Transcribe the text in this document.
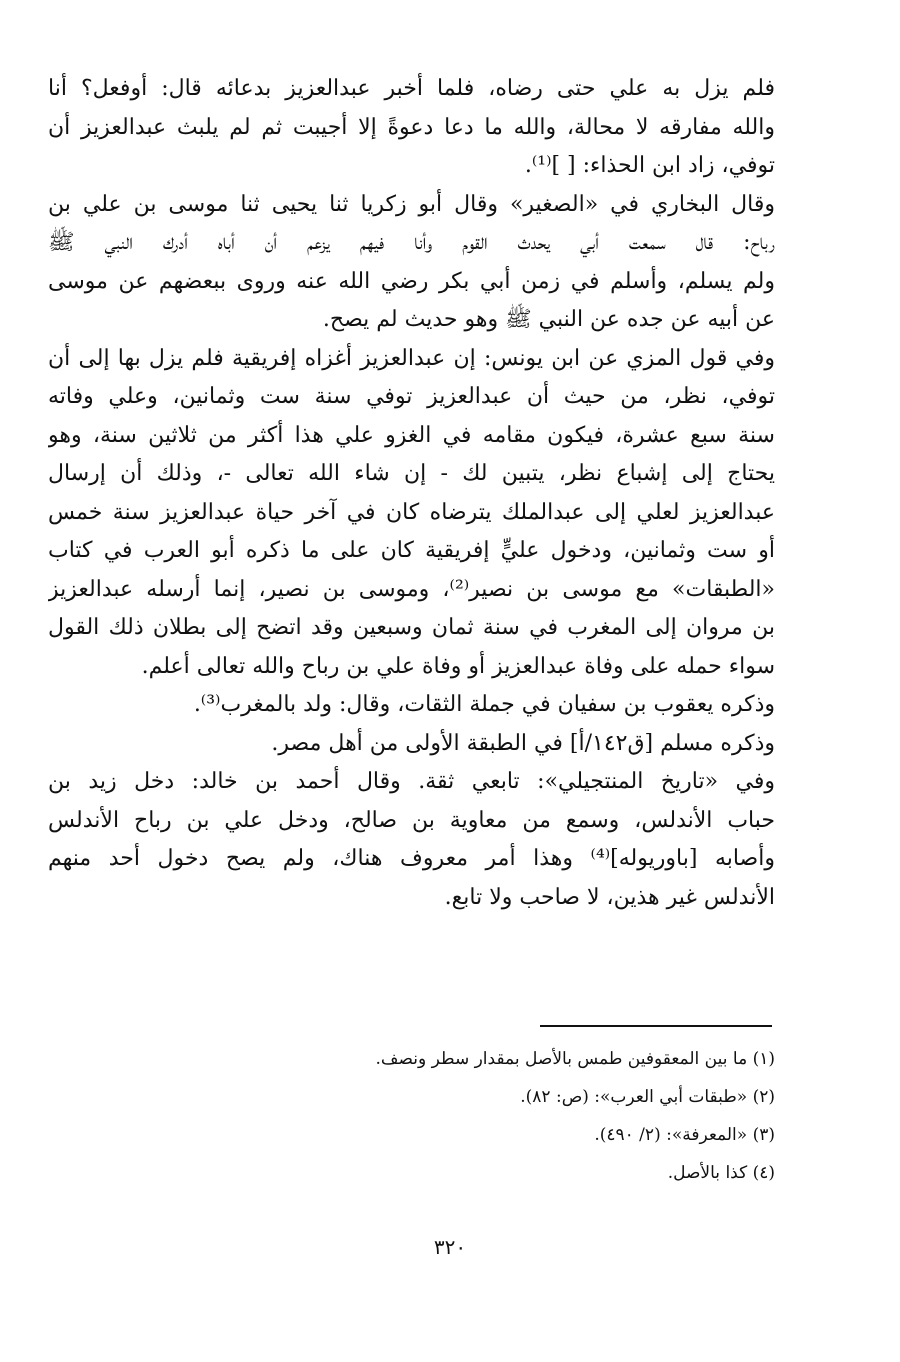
فلم يزل به علي حتى رضاه، فلما أخبر عبدالعزيز بدعائه قال: أوفعل؟ أنا
والله مفارقه لا محالة، والله ما دعا دعوةً إلا أجيبت ثم لم يلبث عبدالعزيز أن
توفي، زاد ابن الحذاء: [ ]⁽¹⁾.
وقال البخاري في «الصغير» وقال أبو زكريا ثنا يحيى ثنا موسى بن علي بن
رباح: قال سمعت أبي يحدث القوم وأنا فيهم يزعم أن أباه أدرك النبي ﷺ
ولم يسلم، وأسلم في زمن أبي بكر رضي الله عنه وروى ببعضهم عن موسى
عن أبيه عن جده عن النبي ﷺ وهو حديث لم يصح.
وفي قول المزي عن ابن يونس: إن عبدالعزيز أغزاه إفريقية فلم يزل بها إلى أن
توفي، نظر، من حيث أن عبدالعزيز توفي سنة ست وثمانين، وعلي وفاته
سنة سبع عشرة، فيكون مقامه في الغزو علي هذا أكثر من ثلاثين سنة، وهو
يحتاج إلى إشباع نظر، يتبين لك - إن شاء الله تعالى -، وذلك أن إرسال
عبدالعزيز لعلي إلى عبدالملك يترضاه كان في آخر حياة عبدالعزيز سنة خمس
أو ست وثمانين، ودخول عليٍّ إفريقية كان على ما ذكره أبو العرب في كتاب
«الطبقات» مع موسى بن نصير⁽²⁾، وموسى بن نصير، إنما أرسله عبدالعزيز
بن مروان إلى المغرب في سنة ثمان وسبعين وقد اتضح إلى بطلان ذلك القول
سواء حمله على وفاة عبدالعزيز أو وفاة علي بن رباح والله تعالى أعلم.
وذكره يعقوب بن سفيان في جملة الثقات، وقال: ولد بالمغرب⁽³⁾.
وذكره مسلم [ق١٤٢/أ] في الطبقة الأولى من أهل مصر.
وفي «تاريخ المنتجيلي»: تابعي ثقة. وقال أحمد بن خالد: دخل زيد بن
حباب الأندلس، وسمع من معاوية بن صالح، ودخل علي بن رباح الأندلس
وأصابه [باوريوله]⁽⁴⁾ وهذا أمر معروف هناك، ولم يصح دخول أحد منهم
الأندلس غير هذين، لا صاحب ولا تابع.
(١) ما بين المعقوفين طمس بالأصل بمقدار سطر ونصف.
(٢) «طبقات أبي العرب»: (ص: ٨٢).
(٣) «المعرفة»: (٢/ ٤٩٠).
(٤) كذا بالأصل.
٣٢٠
